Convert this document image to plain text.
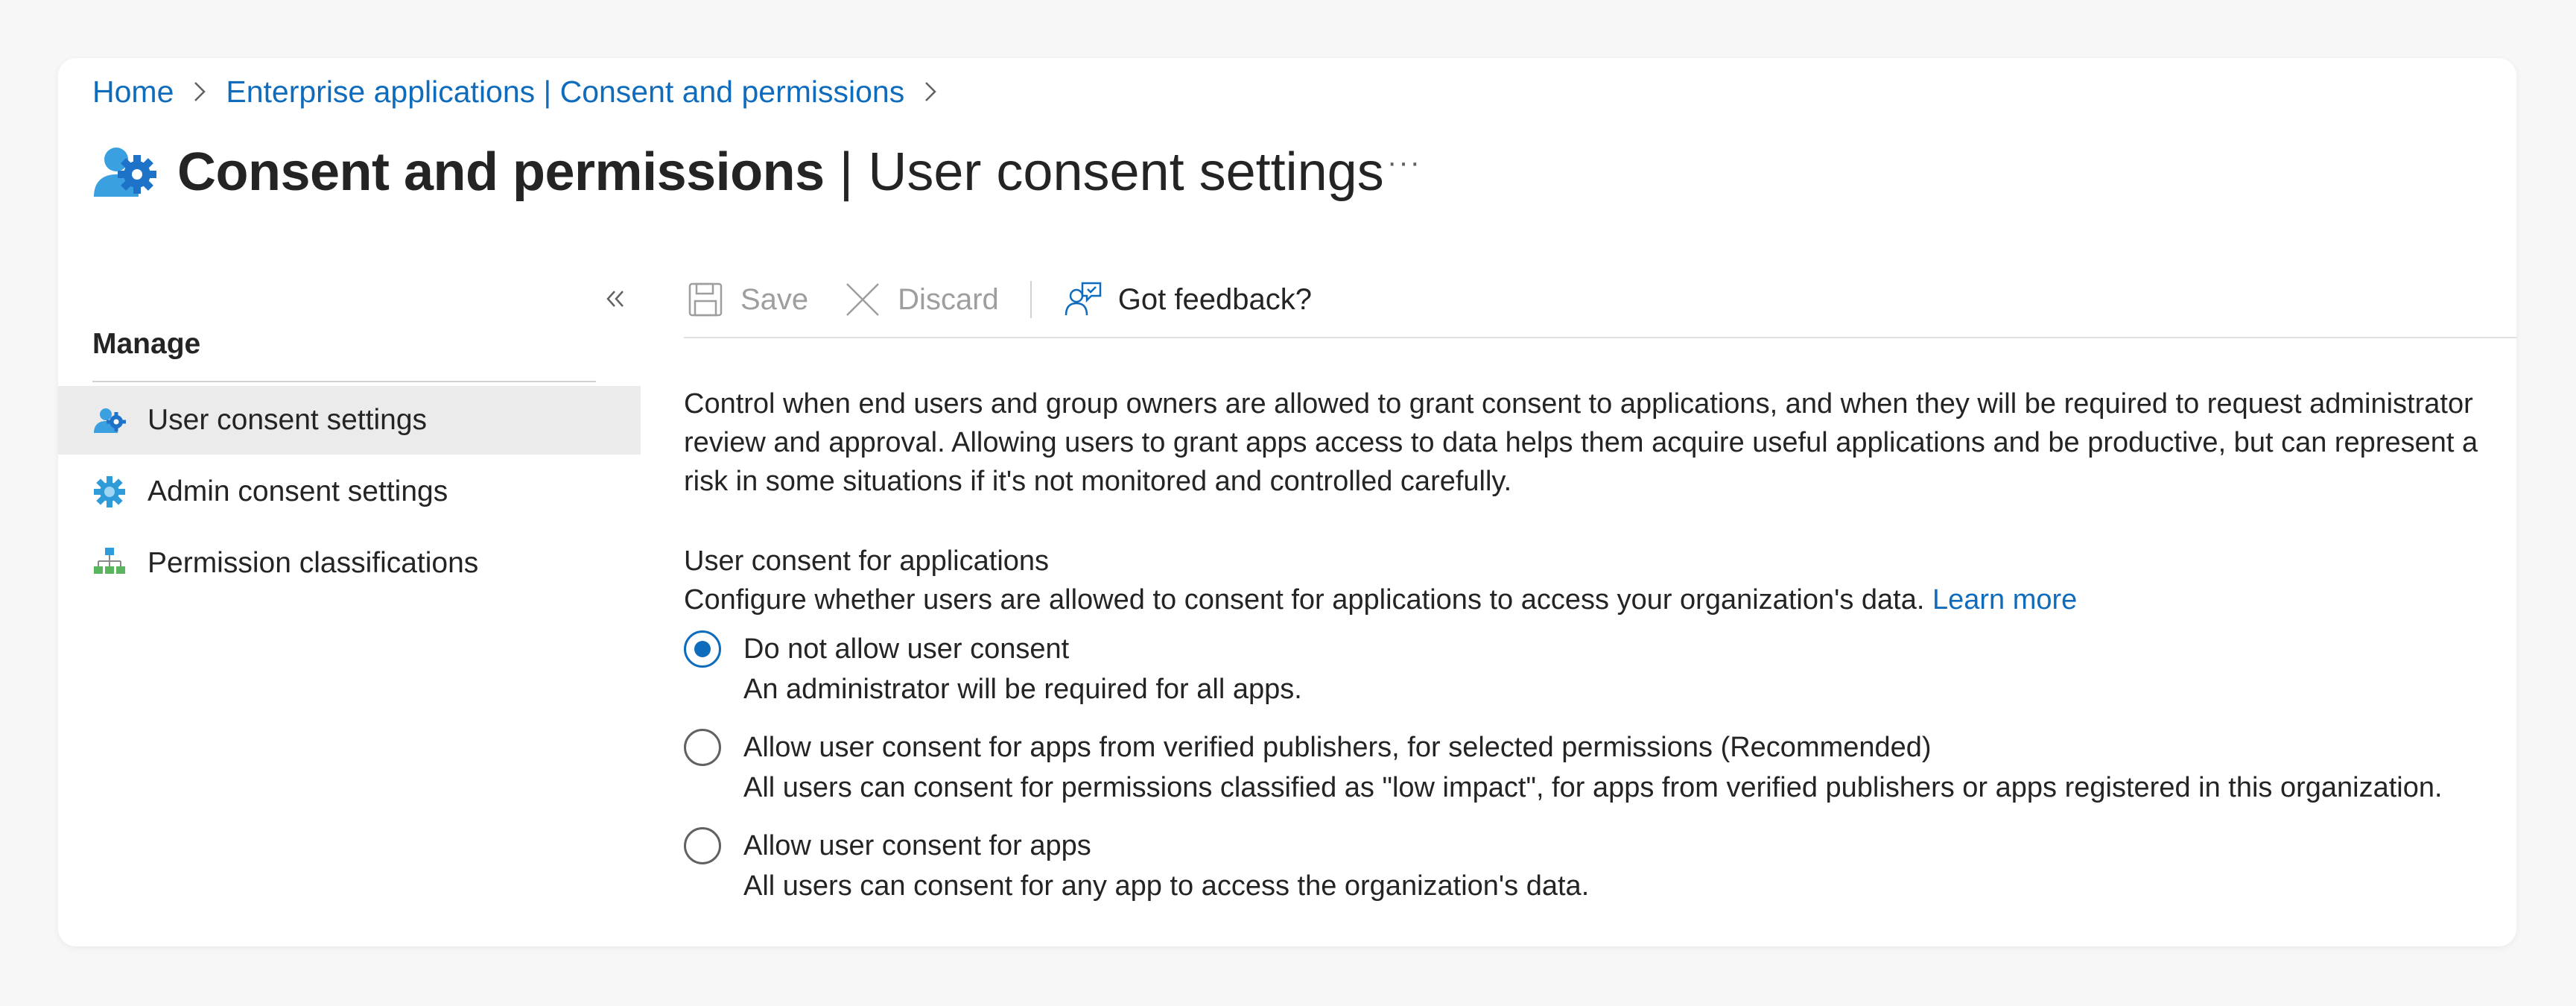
Home Enterprise applications | Consent and permissions
Consent and permissions | User consent settings ···
Manage
User consent settings
Admin consent settings
Permission classifications
Save	Discard	Got feedback?
Control when end users and group owners are allowed to grant consent to applications, and when they will be required to request administrator review and approval. Allowing users to grant apps access to data helps them acquire useful applications and be productive, but can represent a risk in some situations if it's not monitored and controlled carefully.
User consent for applications
Configure whether users are allowed to consent for applications to access your organization's data. Learn more
Do not allow user consent
An administrator will be required for all apps.
Allow user consent for apps from verified publishers, for selected permissions (Recommended)
All users can consent for permissions classified as "low impact", for apps from verified publishers or apps registered in this organization.
Allow user consent for apps
All users can consent for any app to access the organization's data.
